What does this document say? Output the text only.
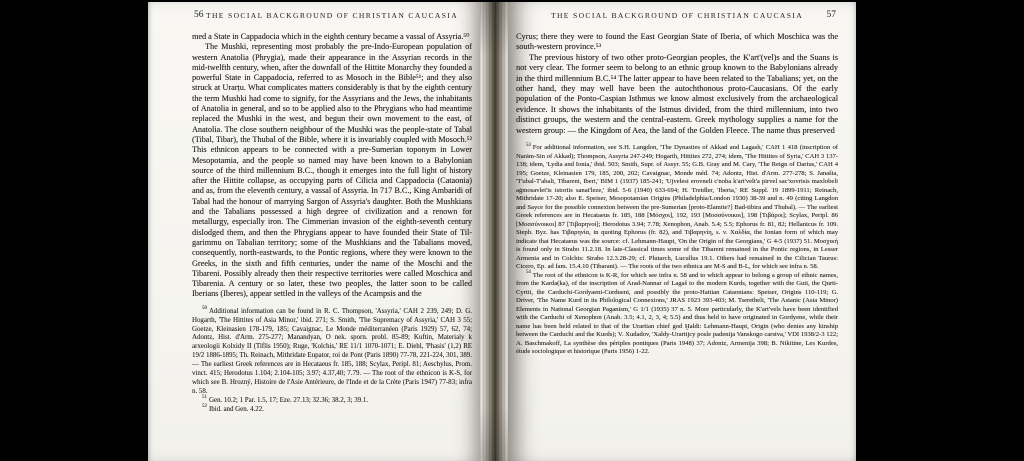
56 THE SOCIAL BACKGROUND OF CHRISTIAN CAUCASIA

med a State in Cappadocia which in the eighth century became a vassal of Assyria.⁵⁰

The Mushki, representing most probably the pre-Indo-European population of western Anatolia (Phrygia), made their appearance in the Assyrian records in the mid-twelfth century, when, after the downfall of the Hittite Monarchy they founded a powerful State in Cappadocia, referred to as Mosoch in the Bible⁵¹; and they also struck at Urarṭu. What complicates matters considerably is that by the eighth century the term Mushki had come to signify, for the Assyrians and the Jews, the inhabitants of Anatolia in general, and so to be applied also to the Phrygians who had meantime replaced the Mushki in the west, and begun their own movement to the east, of Anatolia. The close southern neighbour of the Mushki was the people-state of Tabal (Tibal, Tibar), the Thubal of the Bible, where it is invariably coupled with Mosoch.⁵² This ethnicon appears to be connected with a pre-Sumerian toponym in Lower Mesopotamia, and the people so named may have been known to a Babylonian source of the third millennium B.C., though it emerges into the full light of history after the Hittite collapse, as occupying parts of Cilicia and Cappadocia (Cataonia) and as, from the eleventh century, a vassal of Assyria. In 717 B.C., King Ambaridi of Tabal had the honour of marrying Sargon of Assyria's daughter. Both the Mushkians and the Tabalians possessed a high degree of civilization and a renown for metallurgy, especially iron. The Cimmerian invasion of the eighth-seventh century dislodged them, and then the Phrygians appear to have founded their State of Til-garimmu on Tabalian territory; some of the Mushkians and the Tabalians moved, consequently, north-eastwards, to the Pontic regions, where they were known to the Greeks, in the sixth and fifth centuries, under the name of the Moschi and the Tibareni. Possibly already then their respective territories were called Moschica and Tibarenia. A century or so later, these two peoples, the latter soon to be called Iberians (Iberes), appear settled in the valleys of the Acampsis and the

$^{50}$ Additional information can be found in R. C. Thompson, 'Assyria,' CAH 2 239, 249; D. G. Hogarth, 'The Hittites of Asia Minor,' ibid. 271; S. Smith, 'The Supremacy of Assyria,' CAH 3 55; Goetze, Kleinasien 178-179, 185; Cavaignac, Le Monde méditerranéen (Paris 1929) 57, 62, 74; Adontz, Hist. d'Arm. 275-277; Manandyan, O nek. sporn. probl. 85-89; Kuftin, Materialy k arxeologii Kolxidy II (Tiflis 1950); Ruge, 'Kolchis,' RE 11/1 1070-1071; E. Diehl, 'Phasis' (1,2) RE 19/2 1886-1895; Th. Reinach, Mithridate Eupator, roi de Pont (Paris 1890) 77-78, 221-224, 301, 389. — The earliest Greek references are in Hecataeus fr. 185, 188; Scylax, Peripl. 81; Aeschylus, Prom. vinct. 415; Herodotus 1.104; 2.104-105; 3.97; 4.37,40; 7.79. — The root of the ethnicon is K-S, for which see B. Hrozný, Histoire de l'Asie Antérieure, de l'Inde et de la Crète (Paris 1947) 77-83; infra n. 58.

$^{51}$ Gen. 10.2; 1 Par. 1.5, 17; Eze. 27.13; 32.36; 38.2, 3; 39.1.

$^{52}$ Ibid. and Gen. 4.22.

THE SOCIAL BACKGROUND OF CHRISTIAN CAUCASIA	57

Cyrus; there they were to found the East Georgian State of Iberia, of which Moschica was the south-western province.⁵³

The previous history of two other proto-Georgian peoples, the K'art'(vel)s and the Suans is not very clear. The former seem to belong to an ethnic group known to the Babylonians already in the third millennium B.C.⁵⁴ The latter appear to have been related to the Tabalians; yet, on the other hand, they may well have been the autochthonous proto-Caucasians. Of the early population of the Ponto-Caspian Isthmus we know almost exclusively from the archaeological evidence. It shows the inhabitants of the Istmus divided, from the third millennium, into two distinct groups, the western and the central-eastern. Greek mythology supplies a name for the western group: — the Kingdom of Aea, the land of the Golden Fleece. The name thus preserved

$^{53}$ For additional information, see S.H. Langdon, 'The Dynasties of Akkad and Lagash,' CAH 1 418 (inscription of Narām-Sin of Akkad); Thompson, Assyria 247-249; Hogarth, Hittites 272, 274; idem, 'The Hittites of Syria,' CAH 3 137-138; idem, 'Lydia and Ionia,' ibid. 503; Smith, Supr. of Assyr. 55; G.B. Gray and M. Cary, 'The Reign of Darius,' CAH 4 195; Goetze, Kleinasien 179, 185, 200, 202; Cavaignac, Monde méd. 74; Adontz, Hist. d'Arm. 277-278; S. Janašia, 'T'ubal-T'abali, Tibareni, Iberi,' BIM 1 (1937) 185-241; 'Ujvelesi erovneli c'noba k'art'velt'a pirvel sac'xovrisis maxlobeli aġmosavlet'is istoriis sanat'leze,' ibid. 5-6 (1940) 633-694; H. Treidler, 'Iberia,' RE Suppl. 19 1899-1911; Reinach, Mithridate 17-20; also E. Speiser, Mesopotamian Origins (Philadelphia/London 1930) 38-39 and n. 49 (citing Langdon and Sayce for the possible connexion between the pre-Sumerian [proto-Elamite?] Bad-tibira and Thubal). — The earliest Greek references are in Hecataeus fr. 185, 188 [Μόσχοι], 192, 193 [Μοσσύνοικοι], 198 [Τιβάροι]; Scylax, Peripl. 86 [Μοσσύνοικοι] 87 [Τιβαρηνοί]; Herodotus 3.94; 7.78; Xenophon, Anab. 5.4; 5.5; Ephorus fr. 81, 82; Hellanicus fr. 109. Steph. Byz. has Τιβαρηνία, in quoting Ephorus (fr. 82), and Τιβαρηνίη, s. v. Χαλδία, the Ionian form of which may indicate that Hecataeus was the source: cf. Lehmann-Haupt, 'On the Origin of the Georgians,' G 4-5 (1937) 51. Μοσχική is found only in Strabo 11.2.18. In late-Classical times some of the Tibareni remained in the Pontic regions, in Lesser Armenia and in Colchis: Strabo 12.3.28-29; cf. Plutarch, Lucullus 19.1. Others had remained in the Cilician Taurus: Cicero, Ep. ad fam. 15.4.10 (Tibarani). — The roots of the two ethnica are M-S and B-L, for which see infra n. 58.

$^{54}$ The root of the ethnicon is K-R, for which see infra n. 58 and to which appear to belong a group of ethnic names, from the Karda(ka), of the inscription of Arad-Nannar of Lagaš to the modern Kurds, together with the Guti, the Qurti-Cyrtii, the Carduchi-Gordyaeni-Cordueni, and possibly the proto-Hattian Cataonians: Speiser, Origins 110-119; G. Driver, 'The Name Kurd in its Philological Connexions,' JRAS 1923 393-403; M. Tseretheli, 'The Asianic (Asia Minor) Elements in National Georgian Paganism,' G 1/1 (1935) 37 n. 5. More particularly, the K'art'vels have been identified with the Carduchi of Xenophon (Anab. 3.5; 4.1, 2, 3, 4; 5.5) and thus held to have originated in Gordyene, while their name has been held related to that of the Urartian chief god Ḫaldi: Lehmann-Haupt, Origin (who denies any kinship between the Carduchi and the Kurds); V. Xudadov, 'Xaldy-Urartijcy posle padenija Vanskogo carstva,' VDI 1938/2-3 122; A. Baschmakoff, La synthèse des périples pontiques (Paris 1948) 37; Adontz, Armenija 398; B. Nikitine, Les Kurdes, étude sociologique et historique (Paris 1956) 1-22.
